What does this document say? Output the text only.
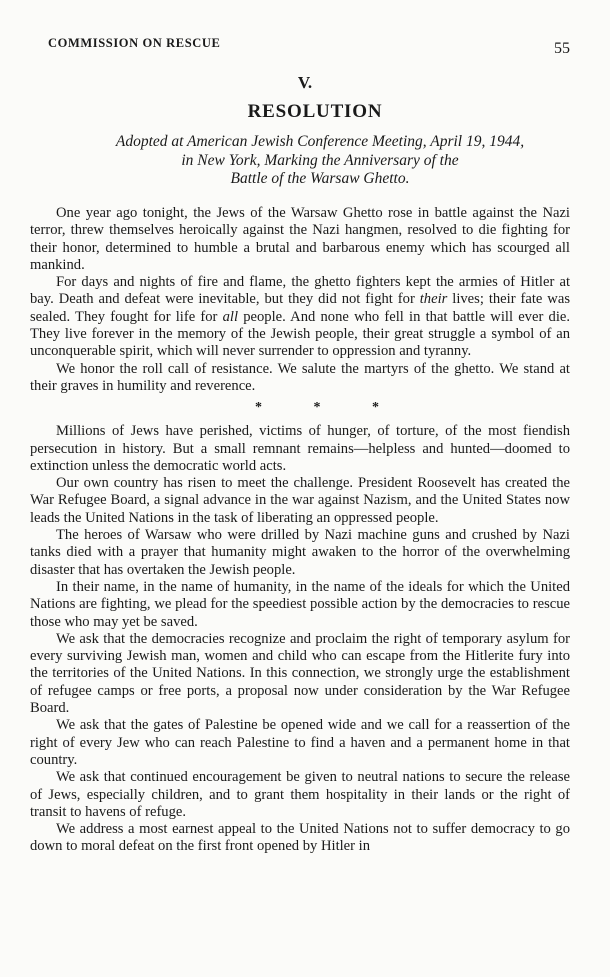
COMMISSION ON RESCUE	55
V.
RESOLUTION
Adopted at American Jewish Conference Meeting, April 19, 1944,
in New York, Marking the Anniversary of the
Battle of the Warsaw Ghetto.

One year ago tonight, the Jews of the Warsaw Ghetto rose in battle against the Nazi terror, threw themselves heroically against the Nazi hangmen, resolved to die fighting for their honor, determined to humble a brutal and barbarous enemy which has scourged all mankind.

For days and nights of fire and flame, the ghetto fighters kept the armies of Hitler at bay. Death and defeat were inevitable, but they did not fight for their lives; their fate was sealed. They fought for life for all people. And none who fell in that battle will ever die. They live forever in the memory of the Jewish people, their great struggle a symbol of an unconquerable spirit, which will never surrender to oppression and tyranny.

We honor the roll call of resistance. We salute the martyrs of the ghetto. We stand at their graves in humility and reverence.

* * *

Millions of Jews have perished, victims of hunger, of torture, of the most fiendish persecution in history. But a small remnant remains—helpless and hunted—doomed to extinction unless the democratic world acts.

Our own country has risen to meet the challenge. President Roosevelt has created the War Refugee Board, a signal advance in the war against Nazism, and the United States now leads the United Nations in the task of liberating an oppressed people.

The heroes of Warsaw who were drilled by Nazi machine guns and crushed by Nazi tanks died with a prayer that humanity might awaken to the horror of the overwhelming disaster that has overtaken the Jewish people.

In their name, in the name of humanity, in the name of the ideals for which the United Nations are fighting, we plead for the speediest possible action by the democracies to rescue those who may yet be saved.

We ask that the democracies recognize and proclaim the right of temporary asylum for every surviving Jewish man, women and child who can escape from the Hitlerite fury into the territories of the United Nations. In this connection, we strongly urge the establishment of refugee camps or free ports, a proposal now under consideration by the War Refugee Board.

We ask that the gates of Palestine be opened wide and we call for a reassertion of the right of every Jew who can reach Palestine to find a haven and a permanent home in that country.

We ask that continued encouragement be given to neutral nations to secure the release of Jews, especially children, and to grant them hospitality in their lands or the right of transit to havens of refuge.

We address a most earnest appeal to the United Nations not to suffer democracy to go down to moral defeat on the first front opened by Hitler in
